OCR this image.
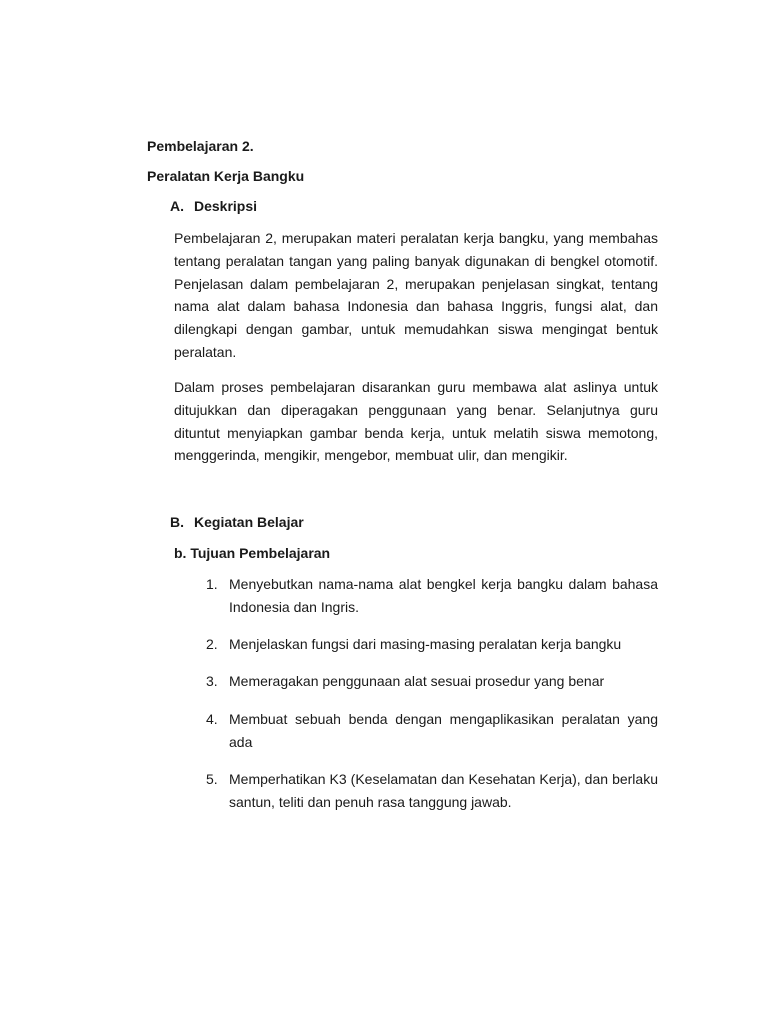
Pembelajaran 2.
Peralatan Kerja Bangku
A. Deskripsi
Pembelajaran 2, merupakan materi peralatan kerja bangku, yang membahas tentang peralatan tangan yang paling banyak digunakan di bengkel otomotif. Penjelasan dalam pembelajaran 2, merupakan penjelasan singkat, tentang nama alat dalam bahasa Indonesia dan bahasa Inggris, fungsi alat, dan dilengkapi dengan gambar, untuk memudahkan siswa mengingat bentuk peralatan.
Dalam proses pembelajaran disarankan guru membawa alat aslinya untuk ditujukkan dan diperagakan penggunaan yang benar. Selanjutnya guru dituntut menyiapkan gambar benda kerja, untuk melatih siswa memotong, menggerinda, mengikir, mengebor, membuat ulir, dan mengikir.
B. Kegiatan Belajar
b. Tujuan Pembelajaran
1. Menyebutkan nama-nama alat bengkel kerja bangku dalam bahasa Indonesia dan Ingris.
2. Menjelaskan fungsi dari masing-masing peralatan kerja bangku
3. Memeragakan penggunaan alat sesuai prosedur yang benar
4. Membuat sebuah benda dengan mengaplikasikan peralatan yang ada
5. Memperhatikan K3 (Keselamatan dan Kesehatan Kerja), dan berlaku santun, teliti dan penuh rasa tanggung jawab.
